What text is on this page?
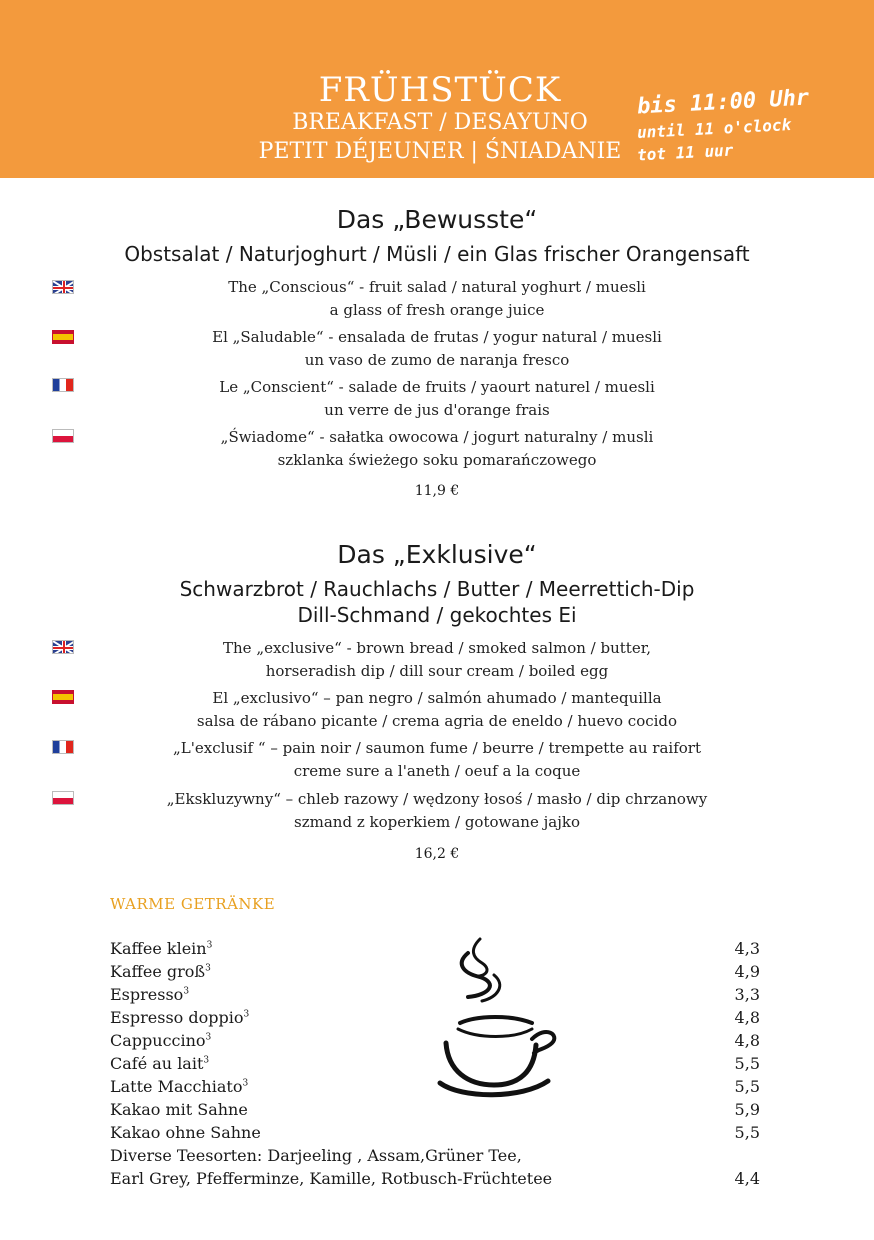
FRÜHSTÜCK
BREAKFAST / DESAYUNO
PETIT DÉJEUNER | ŚNIADANIE
bis 11:00 Uhr
until 11 o'clock
tot 11 uur
Das „Bewusste“
Obstsalat / Naturjoghurt / Müsli / ein Glas frischer Orangensaft
The „Conscious“ - fruit salad / natural yoghurt / muesli
a glass of fresh orange juice
El „Saludable“ - ensalada de frutas / yogur natural / muesli
un vaso de zumo de naranja fresco
Le „Conscient“ - salade de fruits / yaourt naturel / muesli
un verre de jus d'orange frais
„Świadome“ - sałatka owocowa / jogurt naturalny / musli
szklanka świeżego soku pomarańczowego
11,9 €
Das „Exklusive“
Schwarzbrot / Rauchlachs / Butter / Meerrettich-Dip
Dill-Schmand / gekochtes Ei
The „exclusive“ - brown bread / smoked salmon / butter,
horseradish dip / dill sour cream / boiled egg
El „exclusivo“ – pan negro / salmón ahumado / mantequilla
salsa de rábano picante / crema agria de eneldo / huevo cocido
„L'exclusif “ – pain noir / saumon fume / beurre / trempette au raifort
creme sure a l'aneth / oeuf a la coque
„Ekskluzywny“ – chleb razowy / wędzony łosoś / masło / dip chrzanowy
szmand z koperkiem / gotowane jajko
16,2 €
WARME GETRÄNKE
Kaffee klein$^3$	4,3
Kaffee groß$^3$	4,9
Espresso$^3$	3,3
Espresso doppio$^3$	4,8
Cappuccino$^3$	4,8
Café au lait$^3$	5,5
Latte Macchiato$^3$	5,5
Kakao mit Sahne	5,9
Kakao ohne Sahne	5,5
Diverse Teesorten: Darjeeling , Assam,Grüner Tee,
Earl Grey, Pfefferminze, Kamille, Rotbusch-Früchtetee	4,4
